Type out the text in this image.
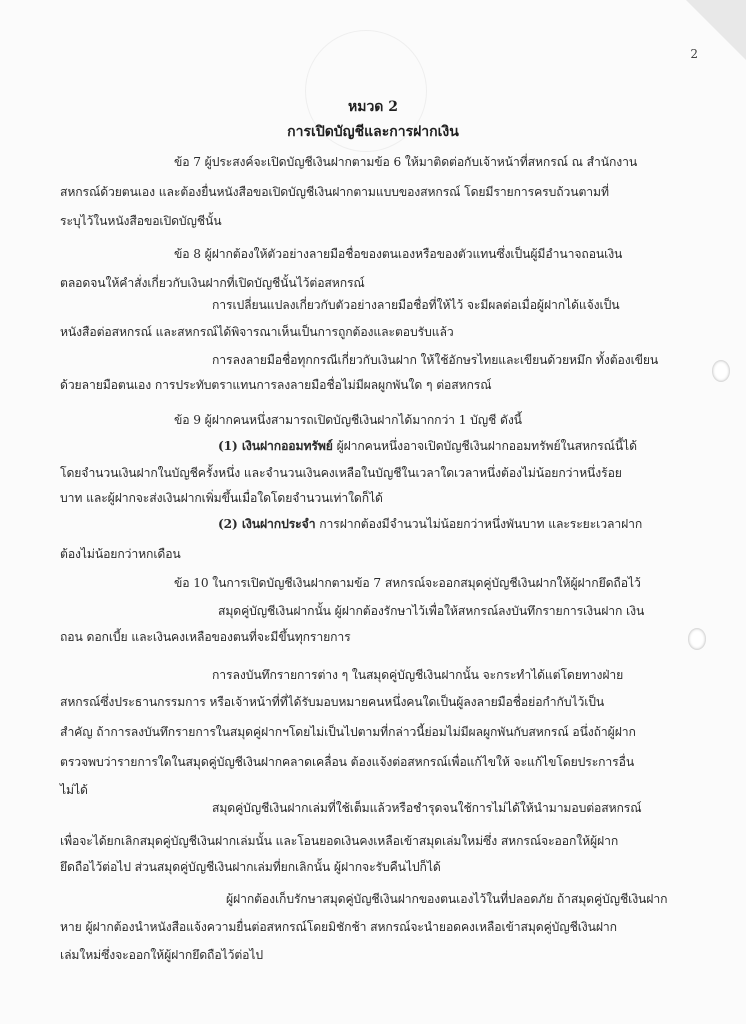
2
หมวด 2
การเปิดบัญชีและการฝากเงิน
ข้อ 7 ผู้ประสงค์จะเปิดบัญชีเงินฝากตามข้อ 6 ให้มาติดต่อกับเจ้าหน้าที่สหกรณ์ ณ สำนักงาน
สหกรณ์ด้วยตนเอง และต้องยื่นหนังสือขอเปิดบัญชีเงินฝากตามแบบของสหกรณ์ โดยมีรายการครบถ้วนตามที่
ระบุไว้ในหนังสือขอเปิดบัญชีนั้น
ข้อ 8 ผู้ฝากต้องให้ตัวอย่างลายมือชื่อของตนเองหรือของตัวแทนซึ่งเป็นผู้มีอำนาจถอนเงิน
ตลอดจนให้คำสั่งเกี่ยวกับเงินฝากที่เปิดบัญชีนั้นไว้ต่อสหกรณ์
การเปลี่ยนแปลงเกี่ยวกับตัวอย่างลายมือชื่อที่ให้ไว้ จะมีผลต่อเมื่อผู้ฝากได้แจ้งเป็น
หนังสือต่อสหกรณ์ และสหกรณ์ได้พิจารณาเห็นเป็นการถูกต้องและตอบรับแล้ว
การลงลายมือชื่อทุกกรณีเกี่ยวกับเงินฝาก ให้ใช้อักษรไทยและเขียนด้วยหมึก ทั้งต้องเขียน
ด้วยลายมือตนเอง การประทับตราแทนการลงลายมือชื่อไม่มีผลผูกพันใด ๆ ต่อสหกรณ์
ข้อ 9 ผู้ฝากคนหนึ่งสามารถเปิดบัญชีเงินฝากได้มากกว่า 1 บัญชี ดังนี้
(1) เงินฝากออมทรัพย์ ผู้ฝากคนหนึ่งอาจเปิดบัญชีเงินฝากออมทรัพย์ในสหกรณ์นี้ได้
โดยจำนวนเงินฝากในบัญชีครั้งหนึ่ง และจำนวนเงินคงเหลือในบัญชีในเวลาใดเวลาหนึ่งต้องไม่น้อยกว่าหนึ่งร้อย
บาท และผู้ฝากจะส่งเงินฝากเพิ่มขึ้นเมื่อใดโดยจำนวนเท่าใดก็ได้
(2) เงินฝากประจำ การฝากต้องมีจำนวนไม่น้อยกว่าหนึ่งพันบาท และระยะเวลาฝาก
ต้องไม่น้อยกว่าหกเดือน
ข้อ 10 ในการเปิดบัญชีเงินฝากตามข้อ 7 สหกรณ์จะออกสมุดคู่บัญชีเงินฝากให้ผู้ฝากยึดถือไว้
สมุดคู่บัญชีเงินฝากนั้น ผู้ฝากต้องรักษาไว้เพื่อให้สหกรณ์ลงบันทึกรายการเงินฝาก เงิน
ถอน ดอกเบี้ย และเงินคงเหลือของตนที่จะมีขึ้นทุกรายการ
การลงบันทึกรายการต่าง ๆ ในสมุดคู่บัญชีเงินฝากนั้น จะกระทำได้แต่โดยทางฝ่าย
สหกรณ์ซึ่งประธานกรรมการ หรือเจ้าหน้าที่ที่ได้รับมอบหมายคนหนึ่งคนใดเป็นผู้ลงลายมือชื่อย่อกำกับไว้เป็น
สำคัญ ถ้าการลงบันทึกรายการในสมุดคู่ฝากฯโดยไม่เป็นไปตามที่กล่าวนี้ย่อมไม่มีผลผูกพันกับสหกรณ์ อนึ่งถ้าผู้ฝาก
ตรวจพบว่ารายการใดในสมุดคู่บัญชีเงินฝากคลาดเคลื่อน ต้องแจ้งต่อสหกรณ์เพื่อแก้ไขให้ จะแก้ไขโดยประการอื่น
ไม่ได้
สมุดคู่บัญชีเงินฝากเล่มที่ใช้เต็มแล้วหรือชำรุดจนใช้การไม่ได้ให้นำมามอบต่อสหกรณ์
เพื่อจะได้ยกเลิกสมุดคู่บัญชีเงินฝากเล่มนั้น และโอนยอดเงินคงเหลือเข้าสมุดเล่มใหม่ซึ่ง สหกรณ์จะออกให้ผู้ฝาก
ยึดถือไว้ต่อไป ส่วนสมุดคู่บัญชีเงินฝากเล่มที่ยกเลิกนั้น ผู้ฝากจะรับคืนไปก็ได้
ผู้ฝากต้องเก็บรักษาสมุดคู่บัญชีเงินฝากของตนเองไว้ในที่ปลอดภัย ถ้าสมุดคู่บัญชีเงินฝาก
หาย ผู้ฝากต้องนำหนังสือแจ้งความยื่นต่อสหกรณ์โดยมิชักช้า สหกรณ์จะนำยอดคงเหลือเข้าสมุดคู่บัญชีเงินฝาก
เล่มใหม่ซึ่งจะออกให้ผู้ฝากยึดถือไว้ต่อไป
